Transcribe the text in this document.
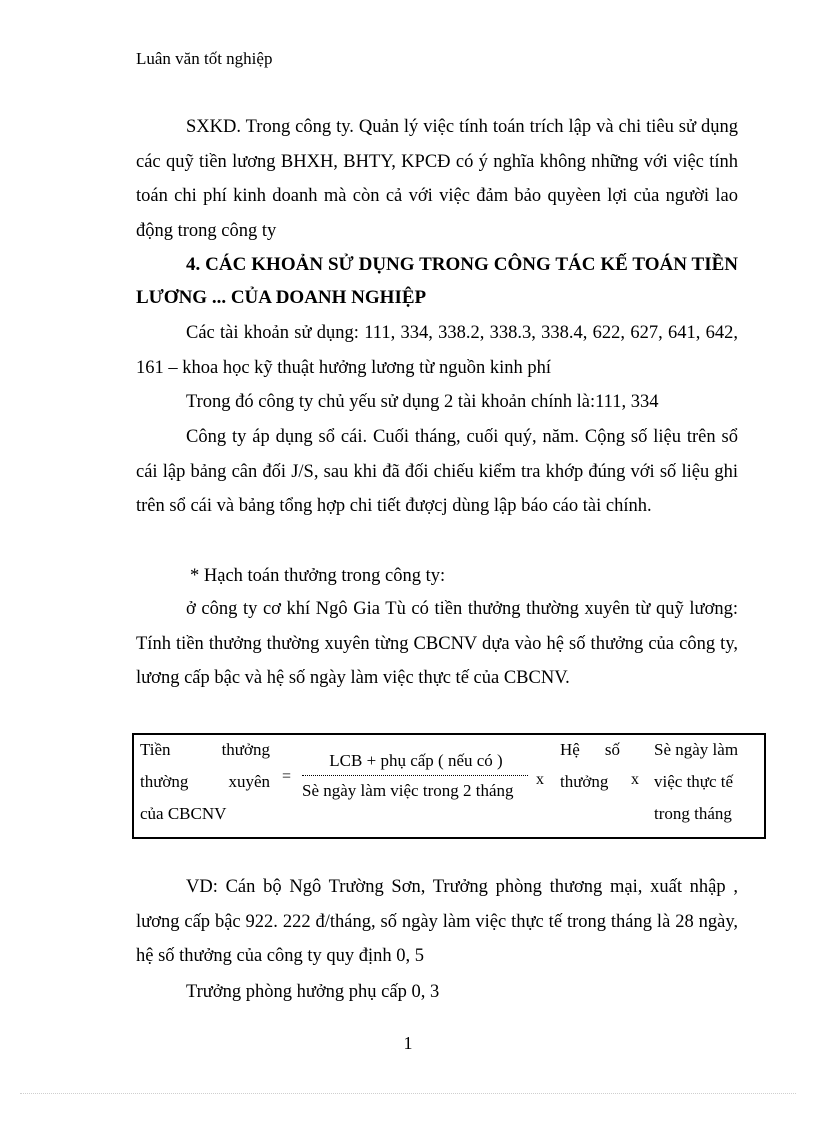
Luân văn tốt nghiệp

SXKD. Trong công ty. Quản lý việc tính toán trích lập và chi tiêu sử dụng các quỹ tiền lương BHXH, BHTY, KPCĐ có ý nghĩa không những với việc tính toán chi phí kinh doanh mà còn cả với việc đảm bảo quyèen lợi của người lao động trong công ty

4. CÁC KHOẢN SỬ DỤNG TRONG CÔNG TÁC KẾ TOÁN TIỀN LƯƠNG ... CỦA DOANH NGHIỆP

Các tài khoản sử dụng: 111, 334, 338.2, 338.3, 338.4, 622, 627, 641, 642, 161 – khoa học kỹ thuật hưởng lương từ nguồn kinh phí

Trong đó công ty chủ yếu sử dụng 2 tài khoản chính là:111, 334

Công ty áp dụng sổ cái. Cuối tháng, cuối quý, năm. Cộng số liệu trên sổ cái lập bảng cân đối J/S, sau khi đã đối chiếu kiểm tra khớp đúng với số liệu ghi trên sổ cái và bảng tổng hợp chi tiết đượcj dùng lập báo cáo tài chính.

* Hạch toán thưởng trong công ty:

ở công ty cơ khí Ngô Gia Tù có tiền thưởng thường xuyên từ quỹ lương: Tính tiền thưởng thường xuyên từng CBCNV dựa vào hệ số thưởng của công ty, lương cấp bậc và hệ số ngày làm việc thực tế của CBCNV.

Tiền	thưởng
thường xuyên
của CBCNV
=
LCB + phụ cấp ( nếu có )
Sè ngày làm việc trong 2 tháng
x
Hệ số
thưởng	x
Sè ngày làm việc thực tế trong tháng

VD: Cán bộ Ngô Trường Sơn, Trưởng phòng thương mại, xuất nhập , lương cấp bậc 922. 222 đ/tháng, số ngày làm việc thực tế trong tháng là 28 ngày, hệ số thưởng của công ty quy định 0, 5

Trưởng phòng hưởng phụ cấp 0, 3

1
